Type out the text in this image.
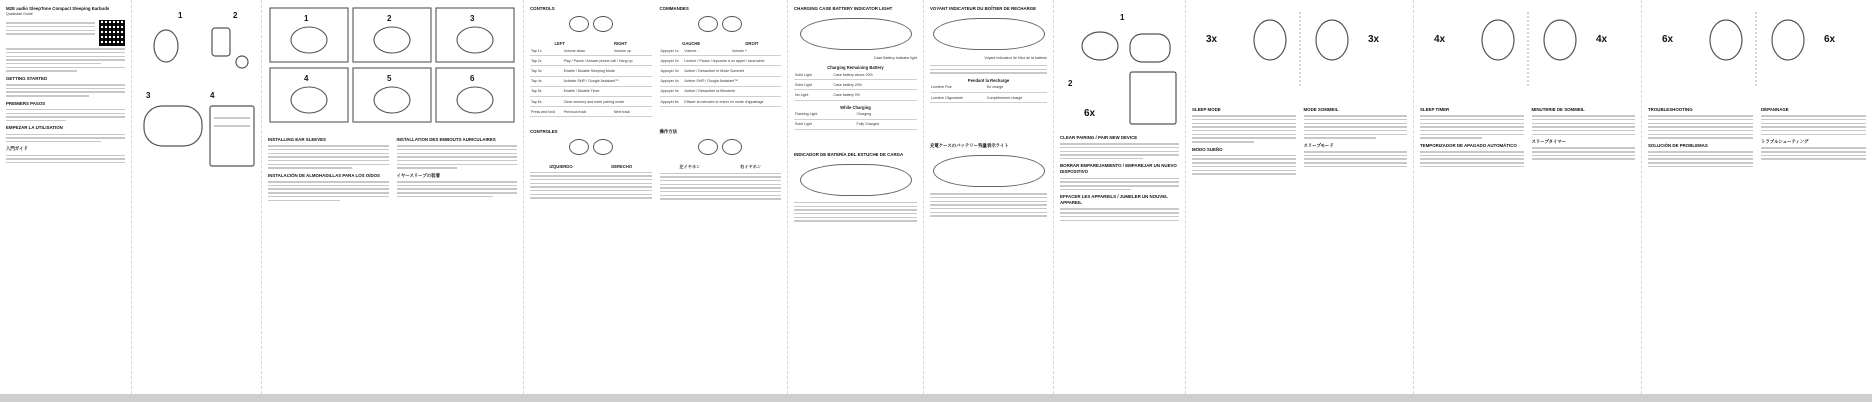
M2E audio SleepTone Compact Sleeping Earbuds
Quickstart Guide
GETTING STARTED
PREMIERS PASOS
EMPEZAR LA UTILISATION
入門ガイド
1	2
3	4
1	2	3
4	5	6
INSTALLING EAR SLEEVES
INSTALACIÓN DE ALMOHADILLAS PARA LOS OÍDOS
INSTALLATION DES EMBOUTS AURICULAIRES
イヤースリーブの装着
CONTROLS
LEFT	RIGHT
Tap 1x	Volume down	Volume up
Tap 2x	Play / Pause / Answer phone call / Hang up	
Tap 3x	Enable / Disable Sleeping Mode	
Tap 4x	Activate Siri® / Google Assistant™	
Tap 5x	Enable / Disable Timer	
Tap 6x	Clear memory and enter pairing mode	
Press and hold	Previous track	Next track
COMMANDES
GAUCHE	DROIT
Appuyer 1x	Volume -	Volume +
Appuyer 2x	Lecture / Pause / répondre à un appel / raccrocher	
Appuyer 3x	Activer / Désactiver le Mode Sommeil	
Appuyer 4x	Activer Siri® / Google Assistant™	
Appuyer 5x	Activer / Désactiver la Minuterie	
Appuyer 6x	Effacer la mémoire et entrer en mode d'appairage	
CONTROLES
IZQUIERDO	DERECHO
操作方法
左イヤホン	右イヤホン
CHARGING CASE BATTERY INDICATOR LIGHT
Case Battery Indicator light
Charging Remaining Battery
Solid Light	Case battery above 20%
Solid Light	Case battery 20%
No Light	Case battery 0%
While Charging
Flashing Light	Charging
Solid Light	Fully Charged
INDICADOR DE BATERÍA DEL ESTUCHE DE CARGA
VOYANT INDICATEUR DU BOÎTIER DE RECHARGE
Voyant indicateur de l'étui de la batterie
Pendant la Recharge
Lumière Fixe	En charge
Lumière Clignotante	Complètement chargé
充電ケースのバッテリー残量表示ライト
2
1
6x
CLEAR PAIRING / PAIR NEW DEVICE
BORRAR EMPAREJAMIENTO / EMPAREJAR UN NUEVO DISPOSITIVO
EFFACER LES APPAREILS / JUMELER UN NOUVEL APPAREIL
3x	3x
SLEEP MODE
MODO SUEÑO
MODE SOMMEIL
スリープモード
4x	4x
SLEEP TIMER
TEMPORIZADOR DE APAGADO AUTOMÁTICO
MINUTERIE DE SOMMEIL
スリープタイマー
6x	6x
TROUBLESHOOTING
SOLUCIÓN DE PROBLEMAS
DÉPANNAGE
トラブルシューティング
